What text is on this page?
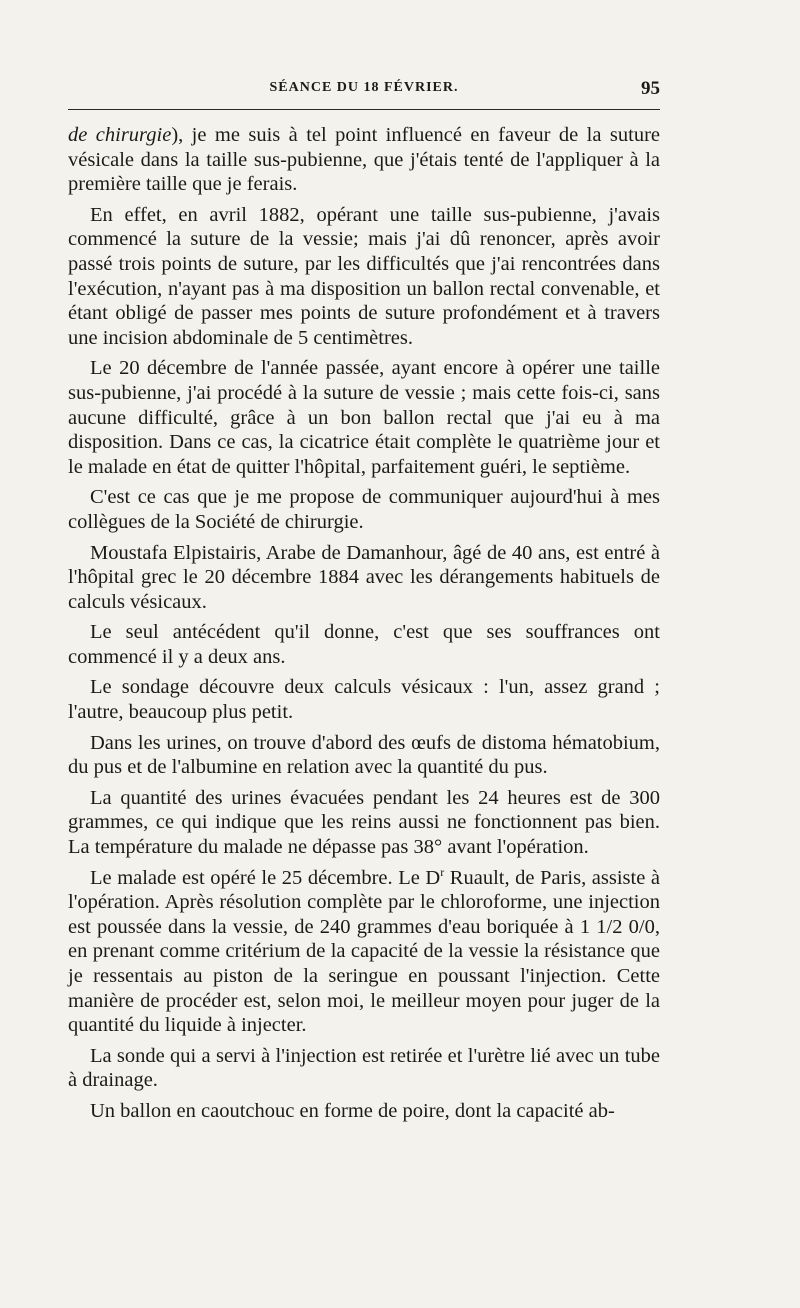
SÉANCE DU 18 FÉVRIER.	95

de chirurgie), je me suis à tel point influencé en faveur de la suture vésicale dans la taille sus-pubienne, que j'étais tenté de l'appliquer à la première taille que je ferais.

En effet, en avril 1882, opérant une taille sus-pubienne, j'avais commencé la suture de la vessie; mais j'ai dû renoncer, après avoir passé trois points de suture, par les difficultés que j'ai rencontrées dans l'exécution, n'ayant pas à ma disposition un ballon rectal convenable, et étant obligé de passer mes points de suture profondément et à travers une incision abdominale de 5 centimètres.

Le 20 décembre de l'année passée, ayant encore à opérer une taille sus-pubienne, j'ai procédé à la suture de vessie ; mais cette fois-ci, sans aucune difficulté, grâce à un bon ballon rectal que j'ai eu à ma disposition. Dans ce cas, la cicatrice était complète le quatrième jour et le malade en état de quitter l'hôpital, parfaitement guéri, le septième.

C'est ce cas que je me propose de communiquer aujourd'hui à mes collègues de la Société de chirurgie.

Moustafa Elpistairis, Arabe de Damanhour, âgé de 40 ans, est entré à l'hôpital grec le 20 décembre 1884 avec les dérangements habituels de calculs vésicaux.

Le seul antécédent qu'il donne, c'est que ses souffrances ont commencé il y a deux ans.

Le sondage découvre deux calculs vésicaux : l'un, assez grand ; l'autre, beaucoup plus petit.

Dans les urines, on trouve d'abord des œufs de distoma hématobium, du pus et de l'albumine en relation avec la quantité du pus.

La quantité des urines évacuées pendant les 24 heures est de 300 grammes, ce qui indique que les reins aussi ne fonctionnent pas bien. La température du malade ne dépasse pas 38° avant l'opération.

Le malade est opéré le 25 décembre. Le $D^r$ Ruault, de Paris, assiste à l'opération. Après résolution complète par le chloroforme, une injection est poussée dans la vessie, de 240 grammes d'eau boriquée à 1 1/2 0/0, en prenant comme critérium de la capacité de la vessie la résistance que je ressentais au piston de la seringue en poussant l'injection. Cette manière de procéder est, selon moi, le meilleur moyen pour juger de la quantité du liquide à injecter.

La sonde qui a servi à l'injection est retirée et l'urètre lié avec un tube à drainage.

Un ballon en caoutchouc en forme de poire, dont la capacité ab-
